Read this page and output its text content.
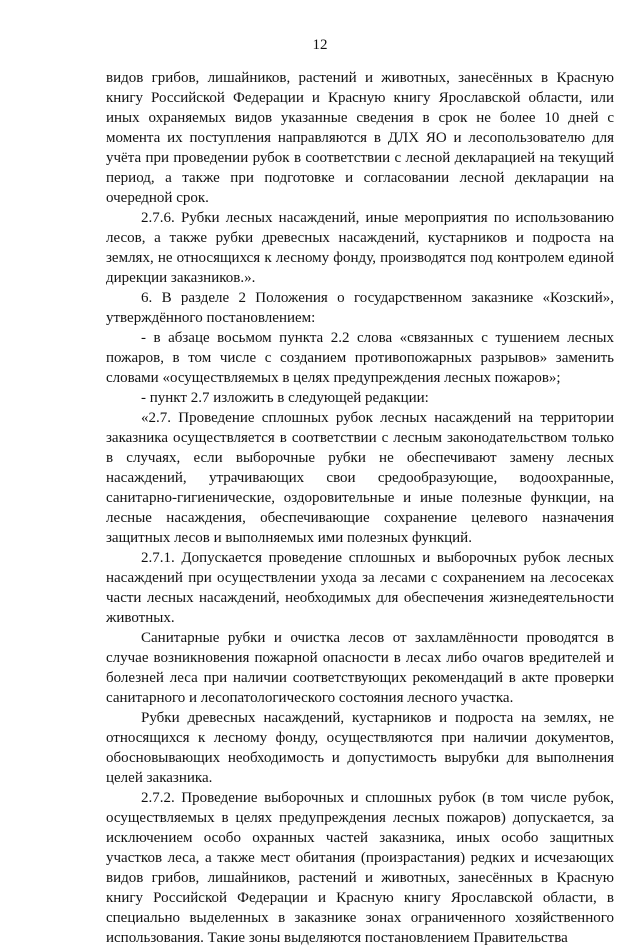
12

видов грибов, лишайников, растений и животных, занесённых в Красную книгу Российской Федерации и Красную книгу Ярославской области, или иных охраняемых видов указанные сведения в срок не более 10 дней с момента их поступления направляются в ДЛХ ЯО и лесопользователю для учёта при проведении рубок в соответствии с лесной декларацией на текущий период, а также при подготовке и согласовании лесной декларации на очередной срок.

2.7.6. Рубки лесных насаждений, иные мероприятия по использованию лесов, а также рубки древесных насаждений, кустарников и подроста на землях, не относящихся к лесному фонду, производятся под контролем единой дирекции заказников.».

6. В разделе 2 Положения о государственном заказнике «Козский», утверждённого постановлением:

- в абзаце восьмом пункта 2.2 слова «связанных с тушением лесных пожаров, в том числе с созданием противопожарных разрывов» заменить словами «осуществляемых в целях предупреждения лесных пожаров»;

- пункт 2.7 изложить в следующей редакции:

«2.7. Проведение сплошных рубок лесных насаждений на территории заказника осуществляется в соответствии с лесным законодательством только в случаях, если выборочные рубки не обеспечивают замену лесных насаждений, утрачивающих свои средообразующие, водоохранные, санитарно-гигиенические, оздоровительные и иные полезные функции, на лесные насаждения, обеспечивающие сохранение целевого назначения защитных лесов и выполняемых ими полезных функций.

2.7.1. Допускается проведение сплошных и выборочных рубок лесных насаждений при осуществлении ухода за лесами с сохранением на лесосеках части лесных насаждений, необходимых для обеспечения жизнедеятельности животных.

Санитарные рубки и очистка лесов от захламлённости проводятся в случае возникновения пожарной опасности в лесах либо очагов вредителей и болезней леса при наличии соответствующих рекомендаций в акте проверки санитарного и лесопатологического состояния лесного участка.

Рубки древесных насаждений, кустарников и подроста на землях, не относящихся к лесному фонду, осуществляются при наличии документов, обосновывающих необходимость и допустимость вырубки для выполнения целей заказника.

2.7.2. Проведение выборочных и сплошных рубок (в том числе рубок, осуществляемых в целях предупреждения лесных пожаров) допускается, за исключением особо охранных частей заказника, иных особо защитных участков леса, а также мест обитания (произрастания) редких и исчезающих видов грибов, лишайников, растений и животных, занесённых в Красную книгу Российской Федерации и Красную книгу Ярославской области, в специально выделенных в заказнике зонах ограниченного хозяйственного использования. Такие зоны выделяются постановлением Правительства
